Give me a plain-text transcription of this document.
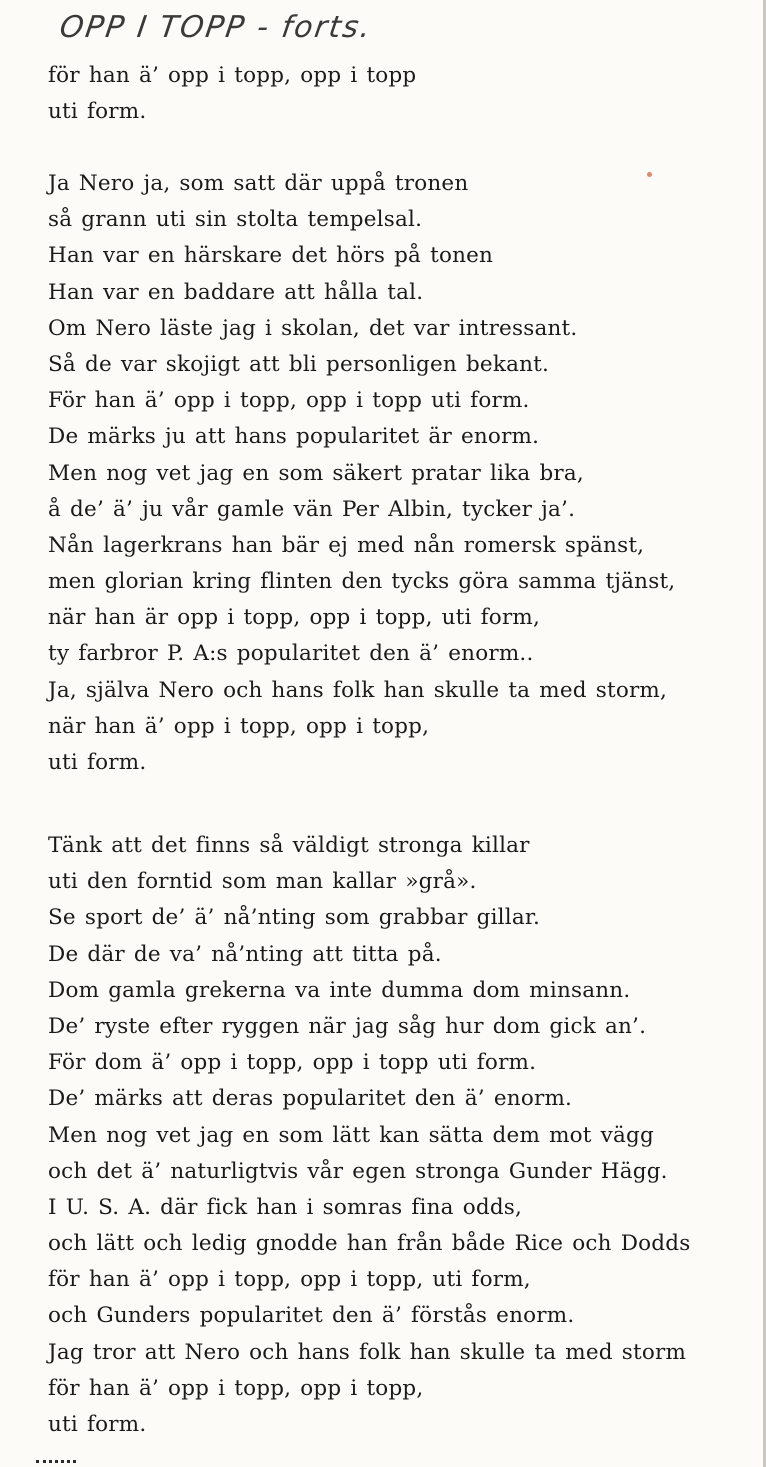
OPP I TOPP - forts.
för han ä’ opp i topp, opp i topp
uti form.
Ja Nero ja, som satt där uppå tronen
så grann uti sin stolta tempelsal.
Han var en härskare det hörs på tonen
Han var en baddare att hålla tal.
Om Nero läste jag i skolan, det var intressant.
Så de var skojigt att bli personligen bekant.
För han ä’ opp i topp, opp i topp uti form.
De märks ju att hans popularitet är enorm.
Men nog vet jag en som säkert pratar lika bra,
å de’ ä’ ju vår gamle vän Per Albin, tycker ja’.
Nån lagerkrans han bär ej med nån romersk spänst,
men glorian kring flinten den tycks göra samma tjänst,
när han är opp i topp, opp i topp, uti form,
ty farbror P. A:s popularitet den ä’ enorm..
Ja, själva Nero och hans folk han skulle ta med storm,
när han ä’ opp i topp, opp i topp,
uti form.
Tänk att det finns så väldigt stronga killar
uti den forntid som man kallar »grå».
Se sport de’ ä’ nå’nting som grabbar gillar.
De där de va’ nå’nting att titta på.
Dom gamla grekerna va inte dumma dom minsann.
De’ ryste efter ryggen när jag såg hur dom gick an’.
För dom ä’ opp i topp, opp i topp uti form.
De’ märks att deras popularitet den ä’ enorm.
Men nog vet jag en som lätt kan sätta dem mot vägg
och det ä’ naturligtvis vår egen stronga Gunder Hägg.
I U. S. A. där fick han i somras fina odds,
och lätt och ledig gnodde han från både Rice och Dodds
för han ä’ opp i topp, opp i topp, uti form,
och Gunders popularitet den ä’ förstås enorm.
Jag tror att Nero och hans folk han skulle ta med storm
för han ä’ opp i topp, opp i topp,
uti form.
